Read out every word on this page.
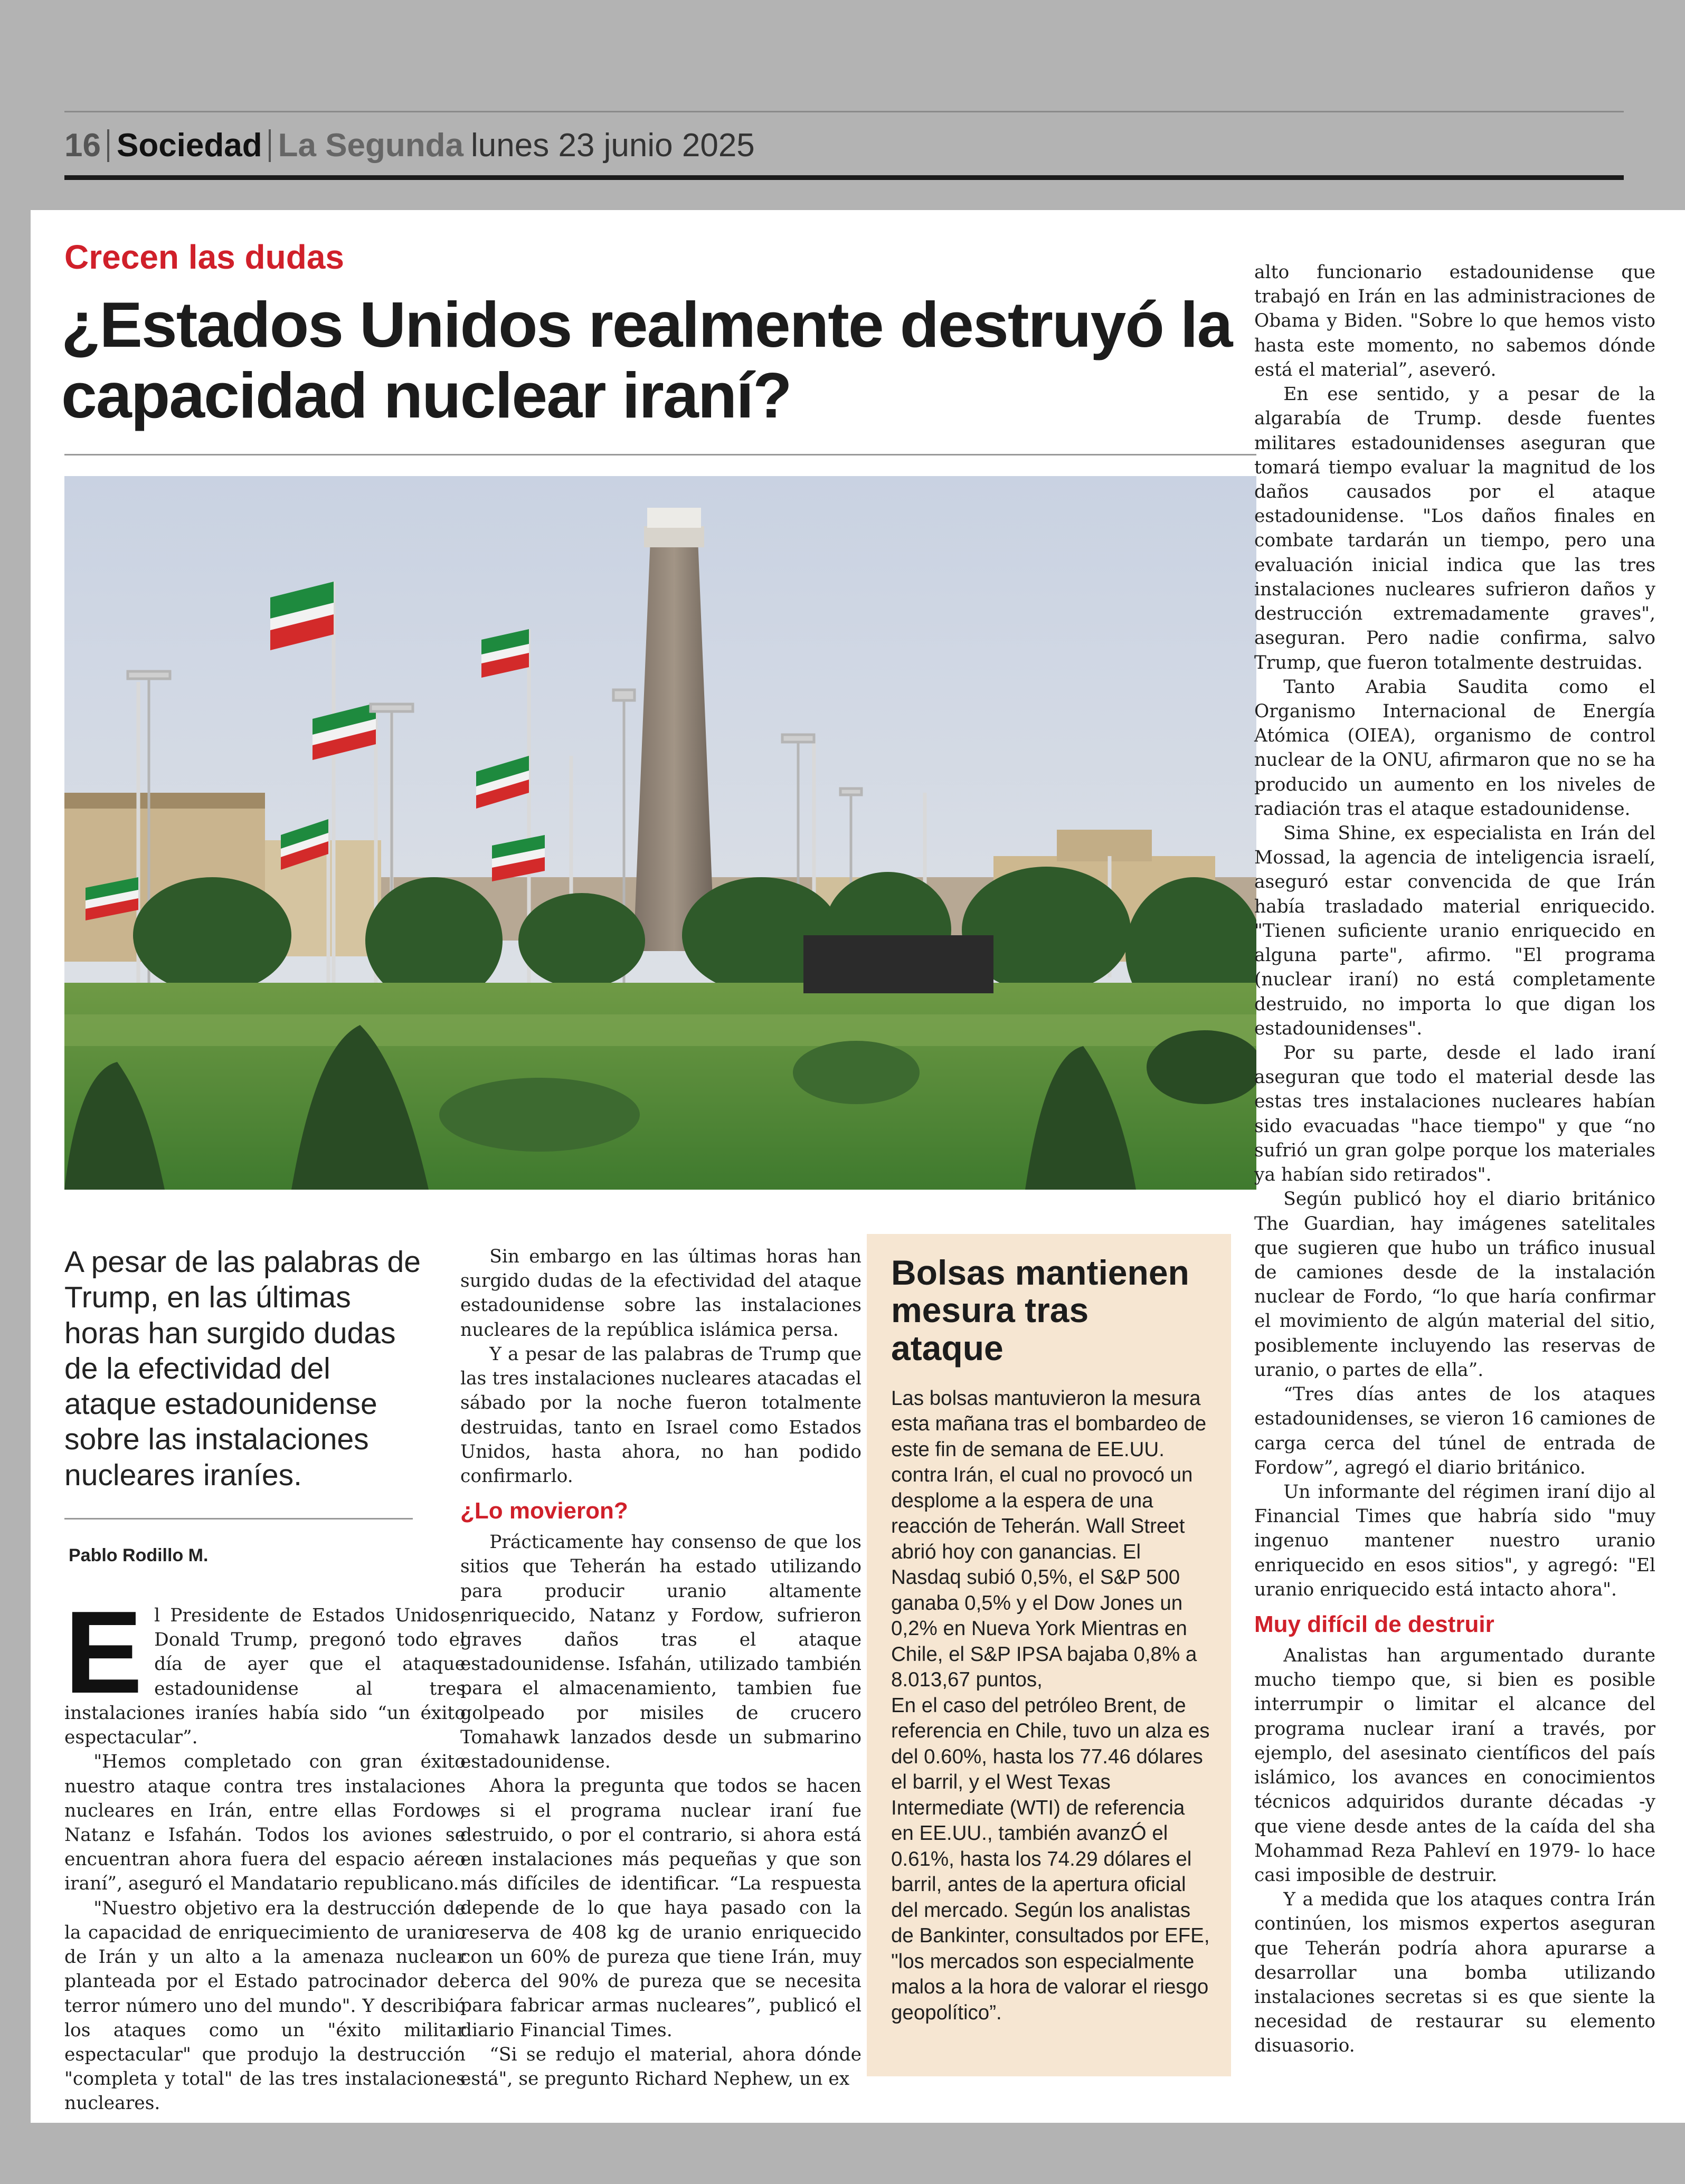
16 Sociedad La Segunda lunes 23 junio 2025
Crecen las dudas
¿Estados Unidos realmente destruyó la capacidad nuclear iraní?
A pesar de las palabras de Trump, en las últimas horas han surgido dudas de la efectividad del ataque estadounidense sobre las instalaciones nucleares iraníes.
Pablo Rodillo M.
E l Presidente de Estados Unidos, Donald Trump, pregonó todo el día de ayer que el ataque estadounidense al tres instalaciones iraníes había sido “un éxito espectacular”.

"Hemos completado con gran éxito nuestro ataque contra tres instalaciones nucleares en Irán, entre ellas Fordow, Natanz e Isfahán. Todos los aviones se encuentran ahora fuera del espacio aéreo iraní”, aseguró el Mandatario republicano.

"Nuestro objetivo era la destrucción de la capacidad de enriquecimiento de uranio de Irán y un alto a la amenaza nuclear planteada por el Estado patrocinador del terror número uno del mundo". Y describió los ataques como un "éxito militar espectacular" que produjo la destrucción "completa y total" de las tres instalaciones nucleares.

Sin embargo en las últimas horas han surgido dudas de la efectividad del ataque estadounidense sobre las instalaciones nucleares de la república islámica persa.

Y a pesar de las palabras de Trump que las tres instalaciones nucleares atacadas el sábado por la noche fueron totalmente destruidas, tanto en Israel como Estados Unidos, hasta ahora, no han podido confirmarlo.

¿Lo movieron?

Prácticamente hay consenso de que los sitios que Teherán ha estado utilizando para producir uranio altamente enriquecido, Natanz y Fordow, sufrieron graves daños tras el ataque estadounidense. Isfahán, utilizado también para el almacenamiento, tambien fue golpeado por misiles de crucero Tomahawk lanzados desde un submarino estadounidense.

Ahora la pregunta que todos se hacen es si el programa nuclear iraní fue destruido, o por el contrario, si ahora está en instalaciones más pequeñas y que son más difíciles de identificar. “La respuesta depende de lo que haya pasado con la reserva de 408 kg de uranio enriquecido con un 60% de pureza que tiene Irán, muy cerca del 90% de pureza que se necesita para fabricar armas nucleares”, publicó el diario Financial Times.

“Si se redujo el material, ahora dónde está", se pregunto Richard Nephew, un ex

Bolsas mantienen mesura tras ataque

Las bolsas mantuvieron la mesura esta mañana tras el bombardeo de este fin de semana de EE.UU. contra Irán, el cual no provocó un desplome a la espera de una reacción de Teherán. Wall Street abrió hoy con ganancias. El Nasdaq subió 0,5%, el S&P 500 ganaba 0,5% y el Dow Jones un 0,2% en Nueva York Mientras en Chile, el S&P IPSA bajaba 0,8% a 8.013,67 puntos,

En el caso del petróleo Brent, de referencia en Chile, tuvo un alza es del 0.60%, hasta los 77.46 dólares el barril, y el West Texas Intermediate (WTI) de referencia en EE.UU., también avanzÓ el 0.61%, hasta los 74.29 dólares el barril, antes de la apertura oficial del mercado. Según los analistas de Bankinter, consultados por EFE, "los mercados son especialmente malos a la hora de valorar el riesgo geopolítico”.

alto funcionario estadounidense que trabajó en Irán en las administraciones de Obama y Biden. "Sobre lo que hemos visto hasta este momento, no sabemos dónde está el material”, aseveró.

En ese sentido, y a pesar de la algarabía de Trump. desde fuentes militares estadounidenses aseguran que tomará tiempo evaluar la magnitud de los daños causados por el ataque estadounidense. "Los daños finales en combate tardarán un tiempo, pero una evaluación inicial indica que las tres instalaciones nucleares sufrieron daños y destrucción extremadamente graves", aseguran. Pero nadie confirma, salvo Trump, que fueron totalmente destruidas.

Tanto Arabia Saudita como el Organismo Internacional de Energía Atómica (OIEA), organismo de control nuclear de la ONU, afirmaron que no se ha producido un aumento en los niveles de radiación tras el ataque estadounidense.

Sima Shine, ex especialista en Irán del Mossad, la agencia de inteligencia israelí, aseguró estar convencida de que Irán había trasladado material enriquecido. "Tienen suficiente uranio enriquecido en alguna parte", afirmo. "El programa (nuclear iraní) no está completamente destruido, no importa lo que digan los estadounidenses".

Por su parte, desde el lado iraní aseguran que todo el material desde las estas tres instalaciones nucleares habían sido evacuadas "hace tiempo" y que “no sufrió un gran golpe porque los materiales ya habían sido retirados".

Según publicó hoy el diario británico The Guardian, hay imágenes satelitales que sugieren que hubo un tráfico inusual de camiones desde de la instalación nuclear de Fordo, “lo que haría confirmar el movimiento de algún material del sitio, posiblemente incluyendo las reservas de uranio, o partes de ella”.

“Tres días antes de los ataques estadounidenses, se vieron 16 camiones de carga cerca del túnel de entrada de Fordow”, agregó el diario británico.

Un informante del régimen iraní dijo al Financial Times que habría sido "muy ingenuo mantener nuestro uranio enriquecido en esos sitios", y agregó: "El uranio enriquecido está intacto ahora".

Muy difícil de destruir

Analistas han argumentado durante mucho tiempo que, si bien es posible interrumpir o limitar el alcance del programa nuclear iraní a través, por ejemplo, del asesinato científicos del país islámico, los avances en conocimientos técnicos adquiridos durante décadas -y que viene desde antes de la caída del sha Mohammad Reza Pahleví en 1979- lo hace casi imposible de destruir.

Y a medida que los ataques contra Irán continúen, los mismos expertos aseguran que Teherán podría ahora apurarse a desarrollar una bomba utilizando instalaciones secretas si es que siente la necesidad de restaurar su elemento disuasorio.
